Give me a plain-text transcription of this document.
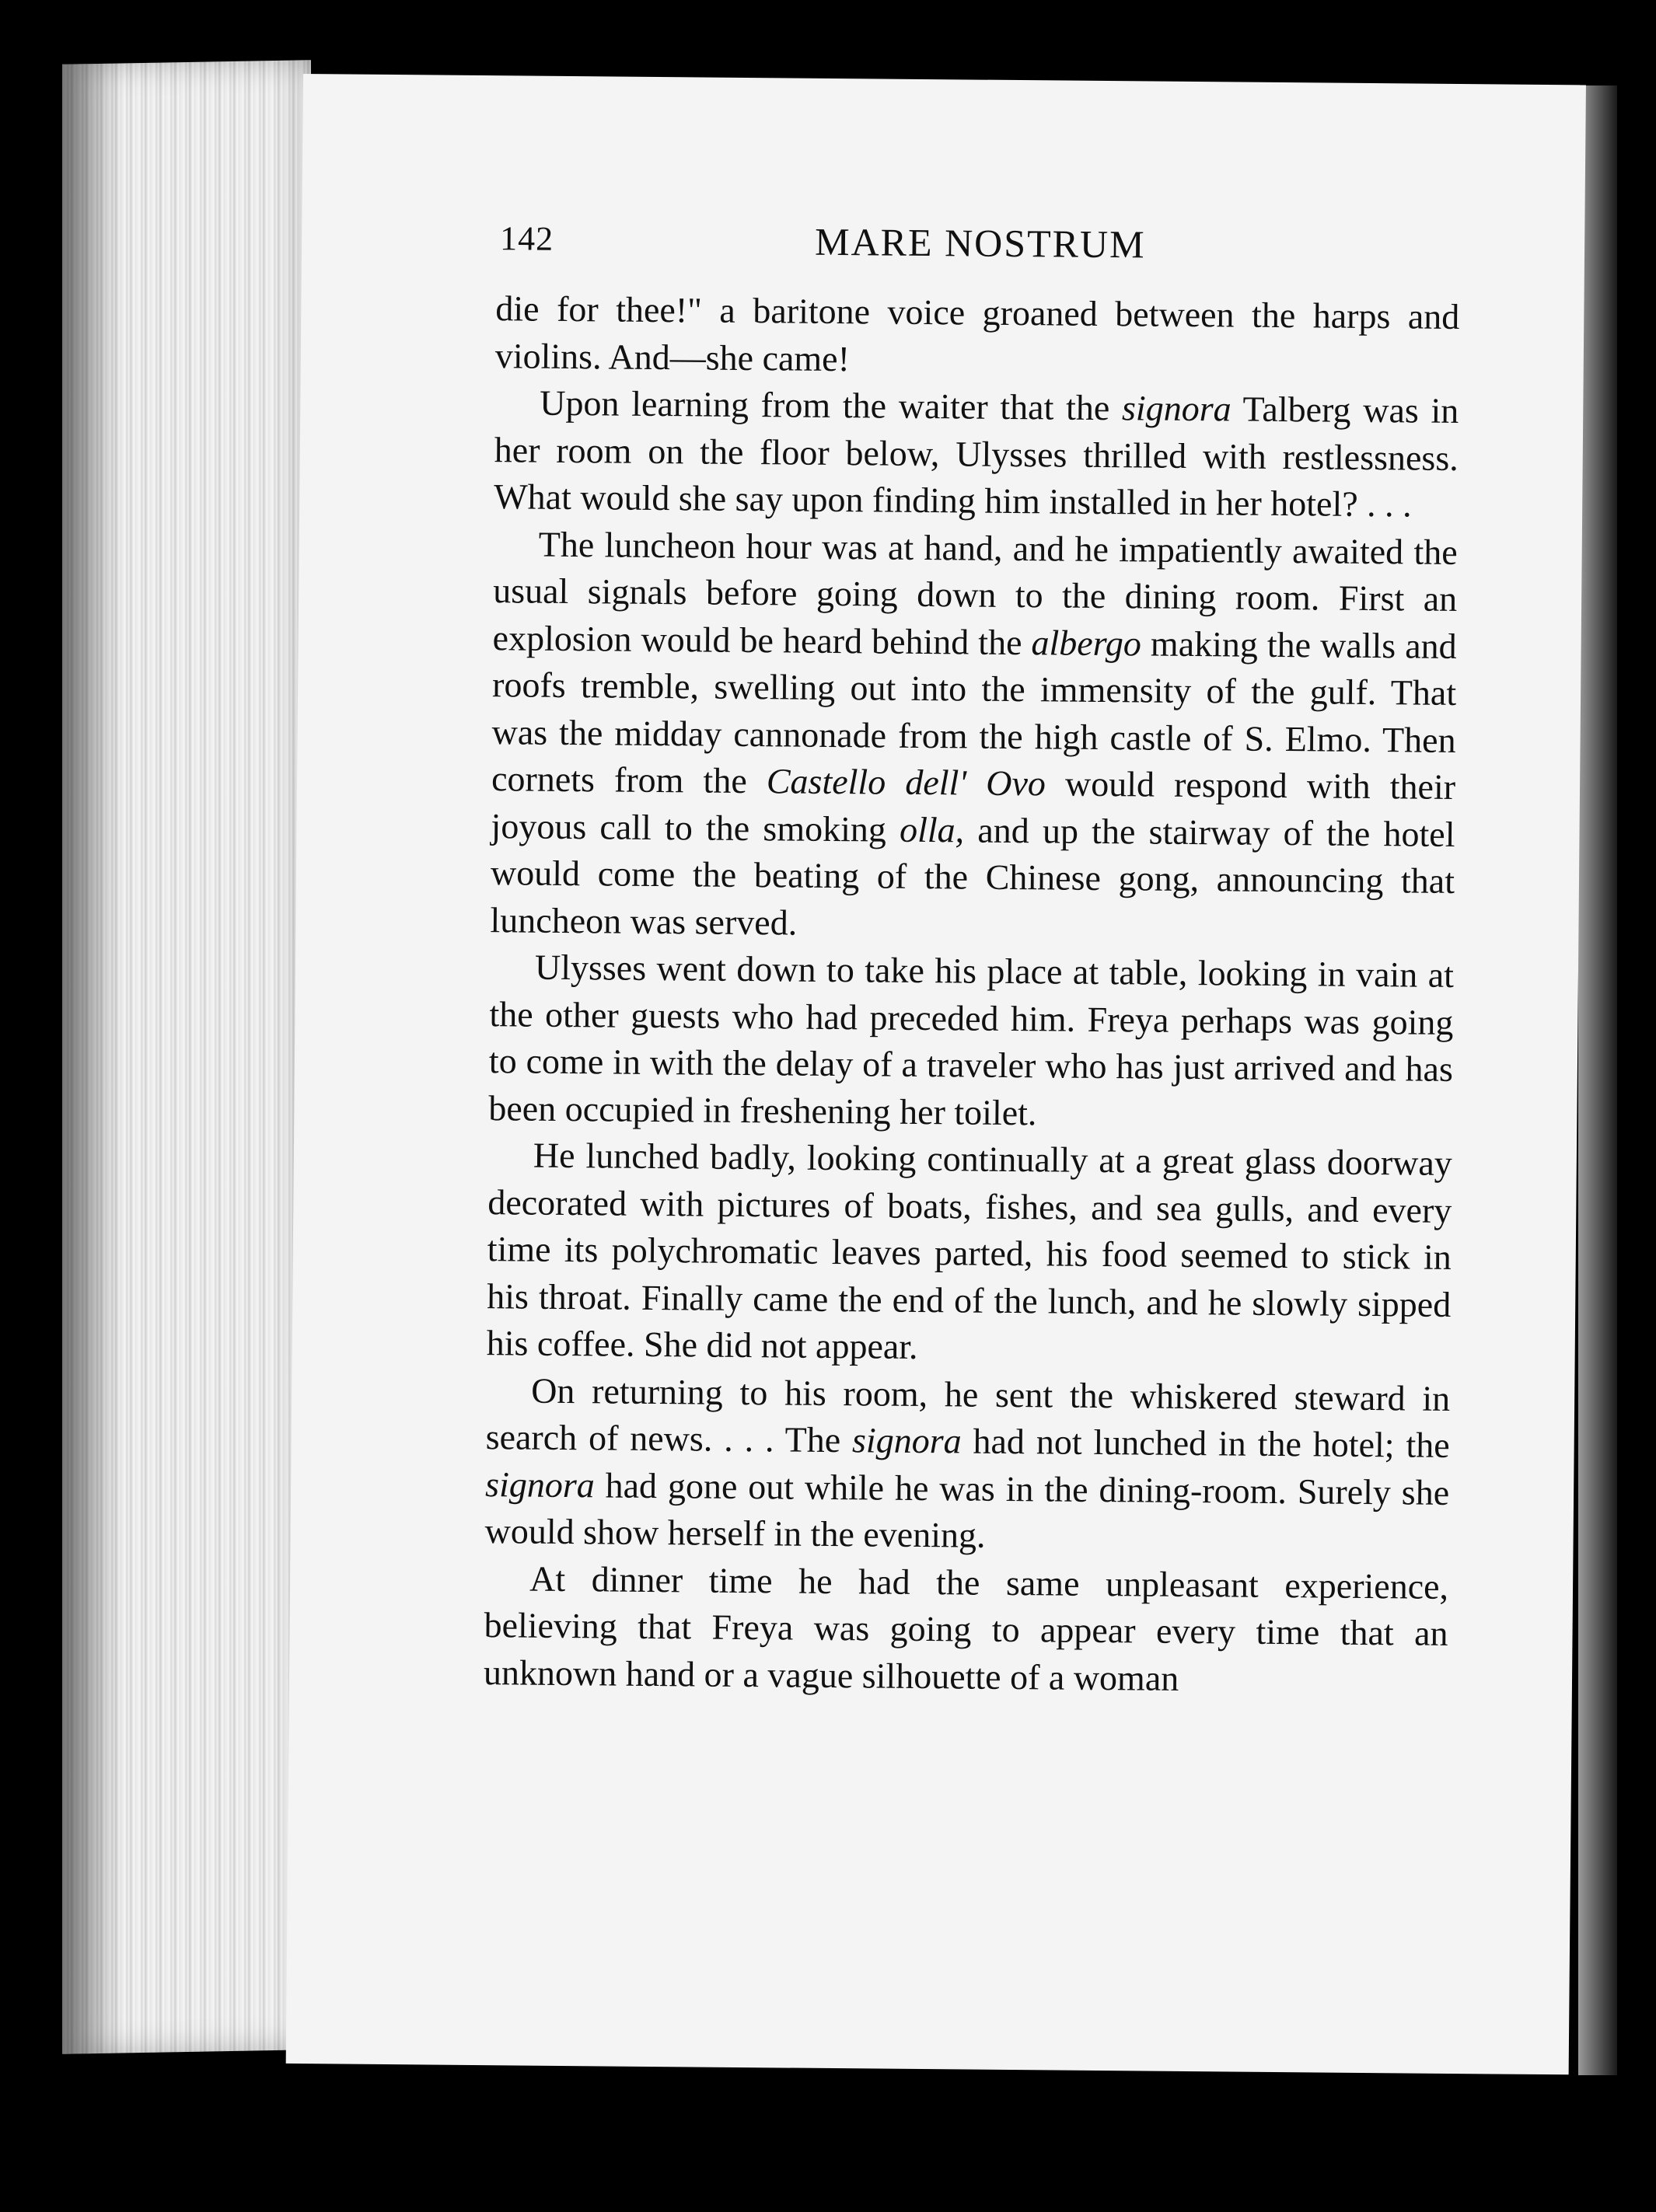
142	MARE NOSTRUM

die for thee!" a baritone voice groaned between the harps and violins. And—she came!

Upon learning from the waiter that the signora Talberg was in her room on the floor below, Ulysses thrilled with restlessness. What would she say upon finding him installed in her hotel? . . .

The luncheon hour was at hand, and he impatiently awaited the usual signals before going down to the dining room. First an explosion would be heard behind the albergo making the walls and roofs tremble, swelling out into the immensity of the gulf. That was the midday cannonade from the high castle of S. Elmo. Then cornets from the Castello dell' Ovo would respond with their joyous call to the smoking olla, and up the stairway of the hotel would come the beating of the Chinese gong, announcing that luncheon was served.

Ulysses went down to take his place at table, looking in vain at the other guests who had preceded him. Freya perhaps was going to come in with the delay of a traveler who has just arrived and has been occupied in freshening her toilet.

He lunched badly, looking continually at a great glass doorway decorated with pictures of boats, fishes, and sea gulls, and every time its polychromatic leaves parted, his food seemed to stick in his throat. Finally came the end of the lunch, and he slowly sipped his coffee. She did not appear.

On returning to his room, he sent the whiskered steward in search of news. . . . The signora had not lunched in the hotel; the signora had gone out while he was in the dining-room. Surely she would show herself in the evening.

At dinner time he had the same unpleasant experience, believing that Freya was going to appear every time that an unknown hand or a vague silhouette of a woman
